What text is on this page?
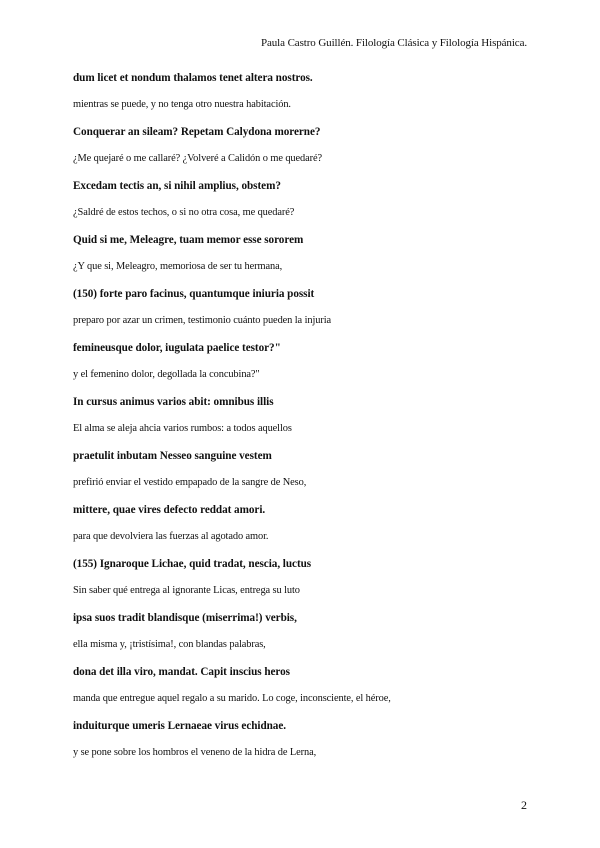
Paula Castro Guillén. Filología Clásica y Filología Hispánica.
dum licet et nondum thalamos tenet altera nostros.
mientras se puede, y no tenga otro nuestra habitación.
Conquerar an sileam? Repetam Calydona morerne?
¿Me quejaré o me callaré? ¿Volveré a Calidón o me quedaré?
Excedam tectis an, si nihil amplius, obstem?
¿Saldré de estos techos, o si no otra cosa, me quedaré?
Quid si me, Meleagre, tuam memor esse sororem
¿Y que si, Meleagro, memoriosa de ser tu hermana,
(150) forte paro facinus, quantumque iniuria possit
preparo por azar un crimen, testimonio cuánto pueden la injuria
femineusque dolor, iugulata paelice testor?"
y el femenino dolor, degollada la concubina?"
In cursus animus varios abit: omnibus illis
El alma se aleja ahcia varios rumbos: a todos aquellos
praetulit inbutam Nesseo sanguine vestem
prefirió enviar el vestido empapado de la sangre de Neso,
mittere, quae vires defecto reddat amori.
para que devolviera las fuerzas al agotado amor.
(155) Ignaroque Lichae, quid tradat, nescia, luctus
Sin saber qué entrega al ignorante Licas, entrega su luto
ipsa suos tradit blandisque (miserrima!) verbis,
ella misma y, ¡tristísima!, con blandas palabras,
dona det illa viro, mandat. Capit inscius heros
manda que entregue aquel regalo a su marido. Lo coge, inconsciente, el héroe,
induiturque umeris Lernaeae virus echidnae.
y se pone sobre los hombros el veneno de la hidra de Lerna,
2
